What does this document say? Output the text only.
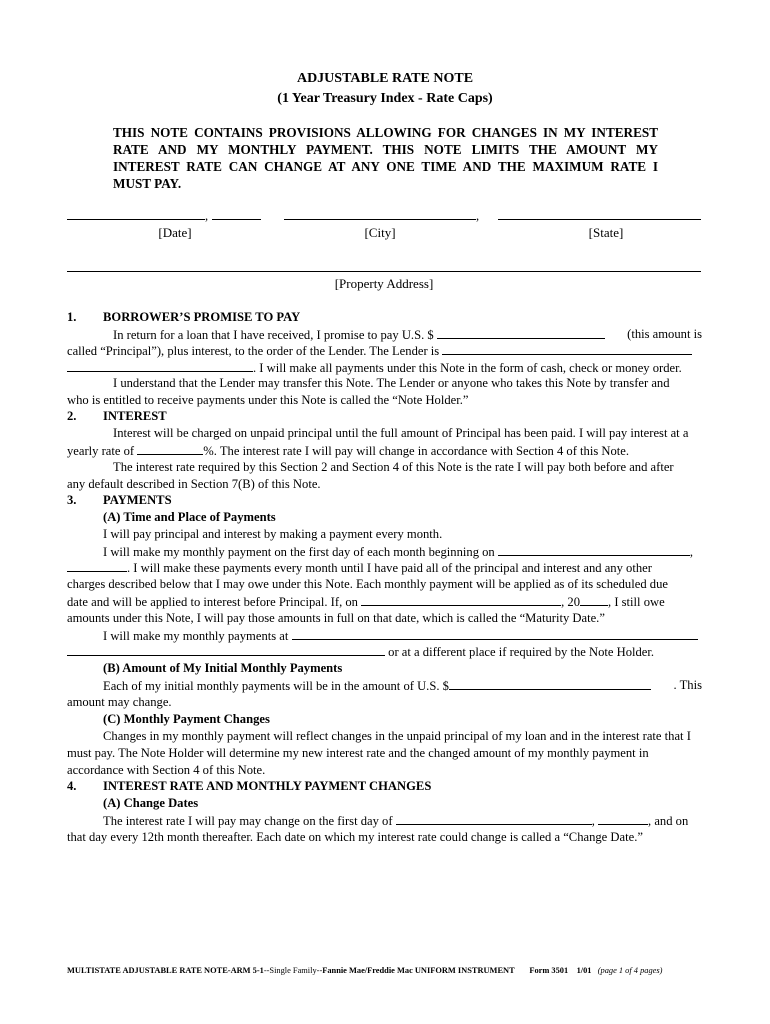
ADJUSTABLE RATE NOTE
(1 Year Treasury Index - Rate Caps)
THIS NOTE CONTAINS PROVISIONS ALLOWING FOR CHANGES IN MY INTEREST
RATE AND MY MONTHLY PAYMENT. THIS NOTE LIMITS THE AMOUNT MY
INTEREST RATE CAN CHANGE AT ANY ONE TIME AND THE MAXIMUM RATE I
MUST PAY.
,	,
[Date]	[City]	[State]
[Property Address]
1. BORROWER’S PROMISE TO PAY
In return for a loan that I have received, I promise to pay U.S. $	(this amount is
called “Principal”), plus interest, to the order of the Lender. The Lender is
. I will make all payments under this Note in the form of cash, check or money order.
I understand that the Lender may transfer this Note. The Lender or anyone who takes this Note by transfer and
who is entitled to receive payments under this Note is called the “Note Holder.”
2. INTEREST
Interest will be charged on unpaid principal until the full amount of Principal has been paid. I will pay interest at a
yearly rate of	%. The interest rate I will pay will change in accordance with Section 4 of this Note.
The interest rate required by this Section 2 and Section 4 of this Note is the rate I will pay both before and after
any default described in Section 7(B) of this Note.
3. PAYMENTS
(A) Time and Place of Payments
I will pay principal and interest by making a payment every month.
I will make my monthly payment on the first day of each month beginning on	,
. I will make these payments every month until I have paid all of the principal and interest and any other
charges described below that I may owe under this Note. Each monthly payment will be applied as of its scheduled due
date and will be applied to interest before Principal. If, on	, 20 , I still owe
amounts under this Note, I will pay those amounts in full on that date, which is called the “Maturity Date.”
I will make my monthly payments at
or at a different place if required by the Note Holder.
(B) Amount of My Initial Monthly Payments
Each of my initial monthly payments will be in the amount of U.S. $	. This
amount may change.
(C) Monthly Payment Changes
Changes in my monthly payment will reflect changes in the unpaid principal of my loan and in the interest rate that I
must pay. The Note Holder will determine my new interest rate and the changed amount of my monthly payment in
accordance with Section 4 of this Note.
4. INTEREST RATE AND MONTHLY PAYMENT CHANGES
(A) Change Dates
The interest rate I will pay may change on the first day of	,	, and on
that day every 12th month thereafter. Each date on which my interest rate could change is called a “Change Date.”
MULTISTATE ADJUSTABLE RATE NOTE-ARM 5-1--Single Family--Fannie Mae/Freddie Mac UNIFORM INSTRUMENT Form 3501 1/01 (page 1 of 4 pages)
